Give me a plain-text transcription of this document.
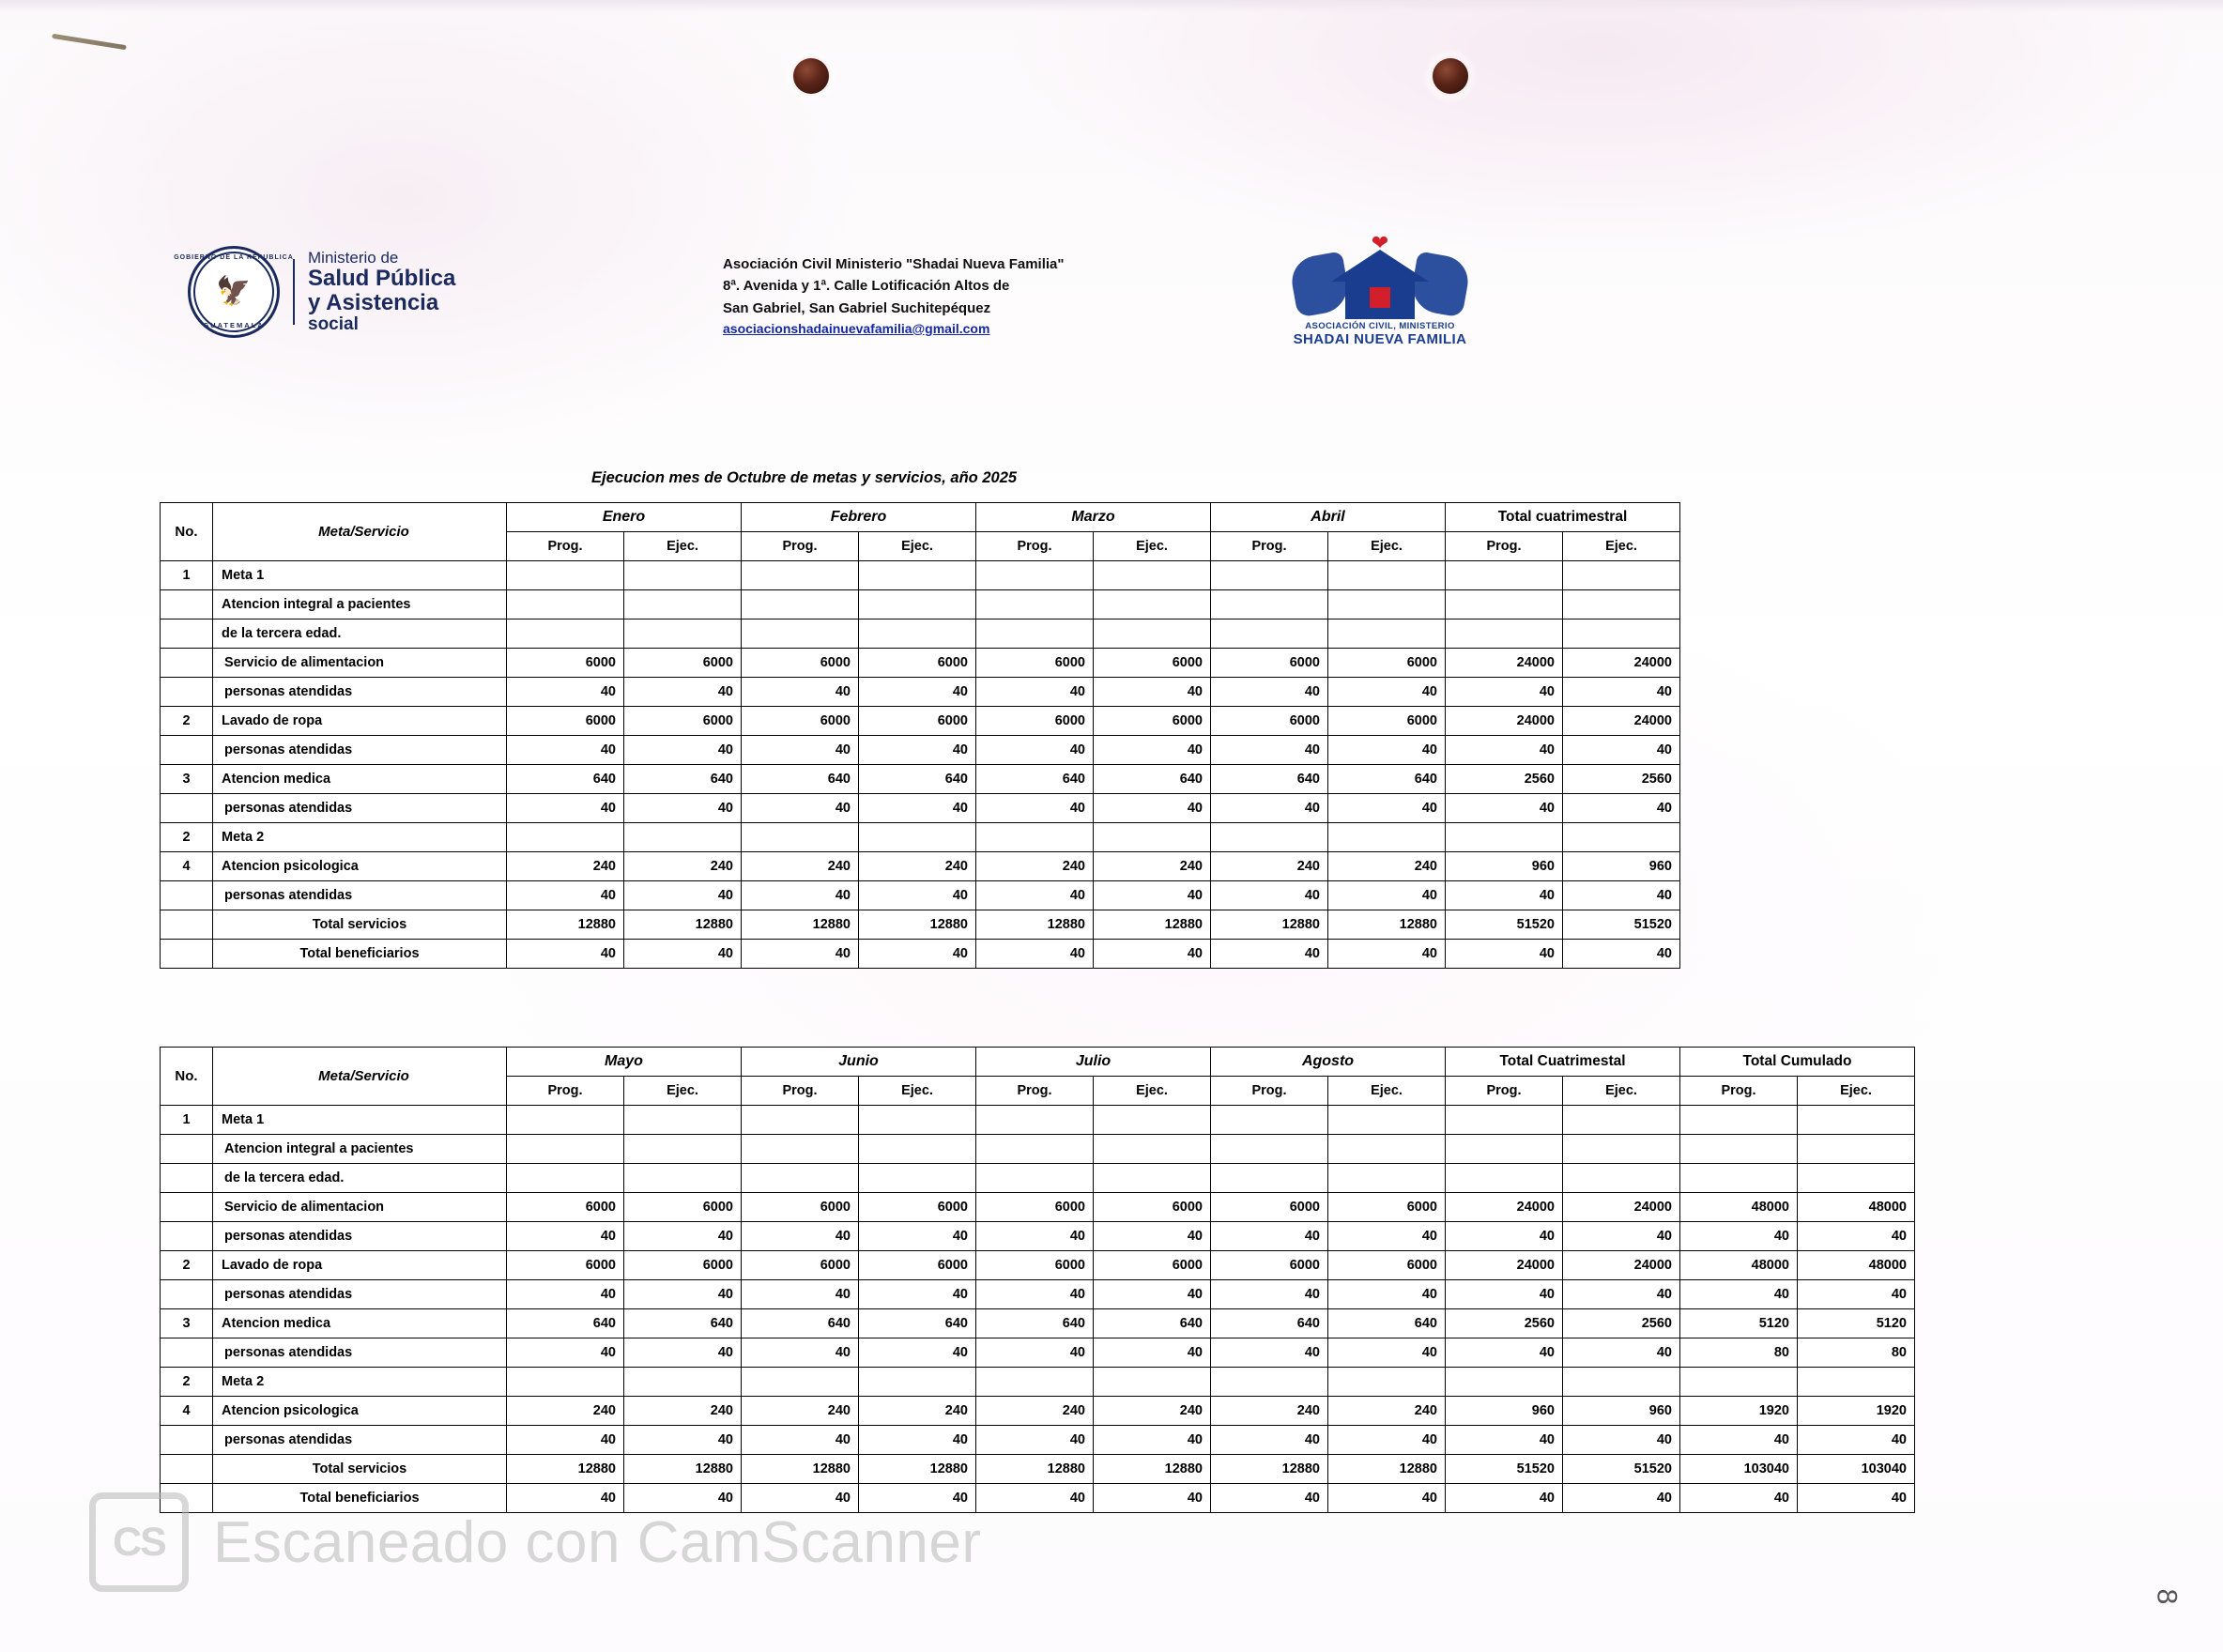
GOBIERNO DE LA REPUBLICA
GUATEMALA
🦅
Ministerio de
Salud Pública
y Asistencia
social
Asociación Civil Ministerio "Shadai Nueva Familia"
8ª. Avenida y 1ª. Calle Lotificación Altos de
San Gabriel, San Gabriel Suchitepéquez
asociacionshadainuevafamilia@gmail.com
❤
ASOCIACIÓN CIVIL, MINISTERIO
SHADAI NUEVA FAMILIA
Ejecucion mes de Octubre de metas y servicios, año 2025
No.	Meta/Servicio	Enero		Febrero		Marzo		Abril		Total cuatrimestral	
		Prog.	Ejec.	Prog.	Ejec.	Prog.	Ejec.	Prog.	Ejec.	Prog.	Ejec.
1	Meta 1										
	Atencion integral a pacientes										
	de la tercera edad.										
	Servicio de alimentacion	6000	6000	6000	6000	6000	6000	6000	6000	24000	24000
	personas atendidas	40	40	40	40	40	40	40	40	40	40
2	Lavado de ropa	6000	6000	6000	6000	6000	6000	6000	6000	24000	24000
	personas atendidas	40	40	40	40	40	40	40	40	40	40
3	Atencion medica	640	640	640	640	640	640	640	640	2560	2560
	personas atendidas	40	40	40	40	40	40	40	40	40	40
2	Meta 2										
4	Atencion psicologica	240	240	240	240	240	240	240	240	960	960
	personas atendidas	40	40	40	40	40	40	40	40	40	40
	Total servicios	12880	12880	12880	12880	12880	12880	12880	12880	51520	51520
	Total beneficiarios	40	40	40	40	40	40	40	40	40	40
No.	Meta/Servicio	Mayo		Junio		Julio		Agosto		Total Cuatrimestal		Total Cumulado	
		Prog.	Ejec.	Prog.	Ejec.	Prog.	Ejec.	Prog.	Ejec.	Prog.	Ejec.	Prog.	Ejec.
1	Meta 1												
	Atencion integral a pacientes												
	de la tercera edad.												
	Servicio de alimentacion	6000	6000	6000	6000	6000	6000	6000	6000	24000	24000	48000	48000
	personas atendidas	40	40	40	40	40	40	40	40	40	40	40	40
2	Lavado de ropa	6000	6000	6000	6000	6000	6000	6000	6000	24000	24000	48000	48000
	personas atendidas	40	40	40	40	40	40	40	40	40	40	40	40
3	Atencion medica	640	640	640	640	640	640	640	640	2560	2560	5120	5120
	personas atendidas	40	40	40	40	40	40	40	40	40	40	80	80
2	Meta 2												
4	Atencion psicologica	240	240	240	240	240	240	240	240	960	960	1920	1920
	personas atendidas	40	40	40	40	40	40	40	40	40	40	40	40
	Total servicios	12880	12880	12880	12880	12880	12880	12880	12880	51520	51520	103040	103040
	Total beneficiarios	40	40	40	40	40	40	40	40	40	40	40	40
CS Escaneado con CamScanner
8
